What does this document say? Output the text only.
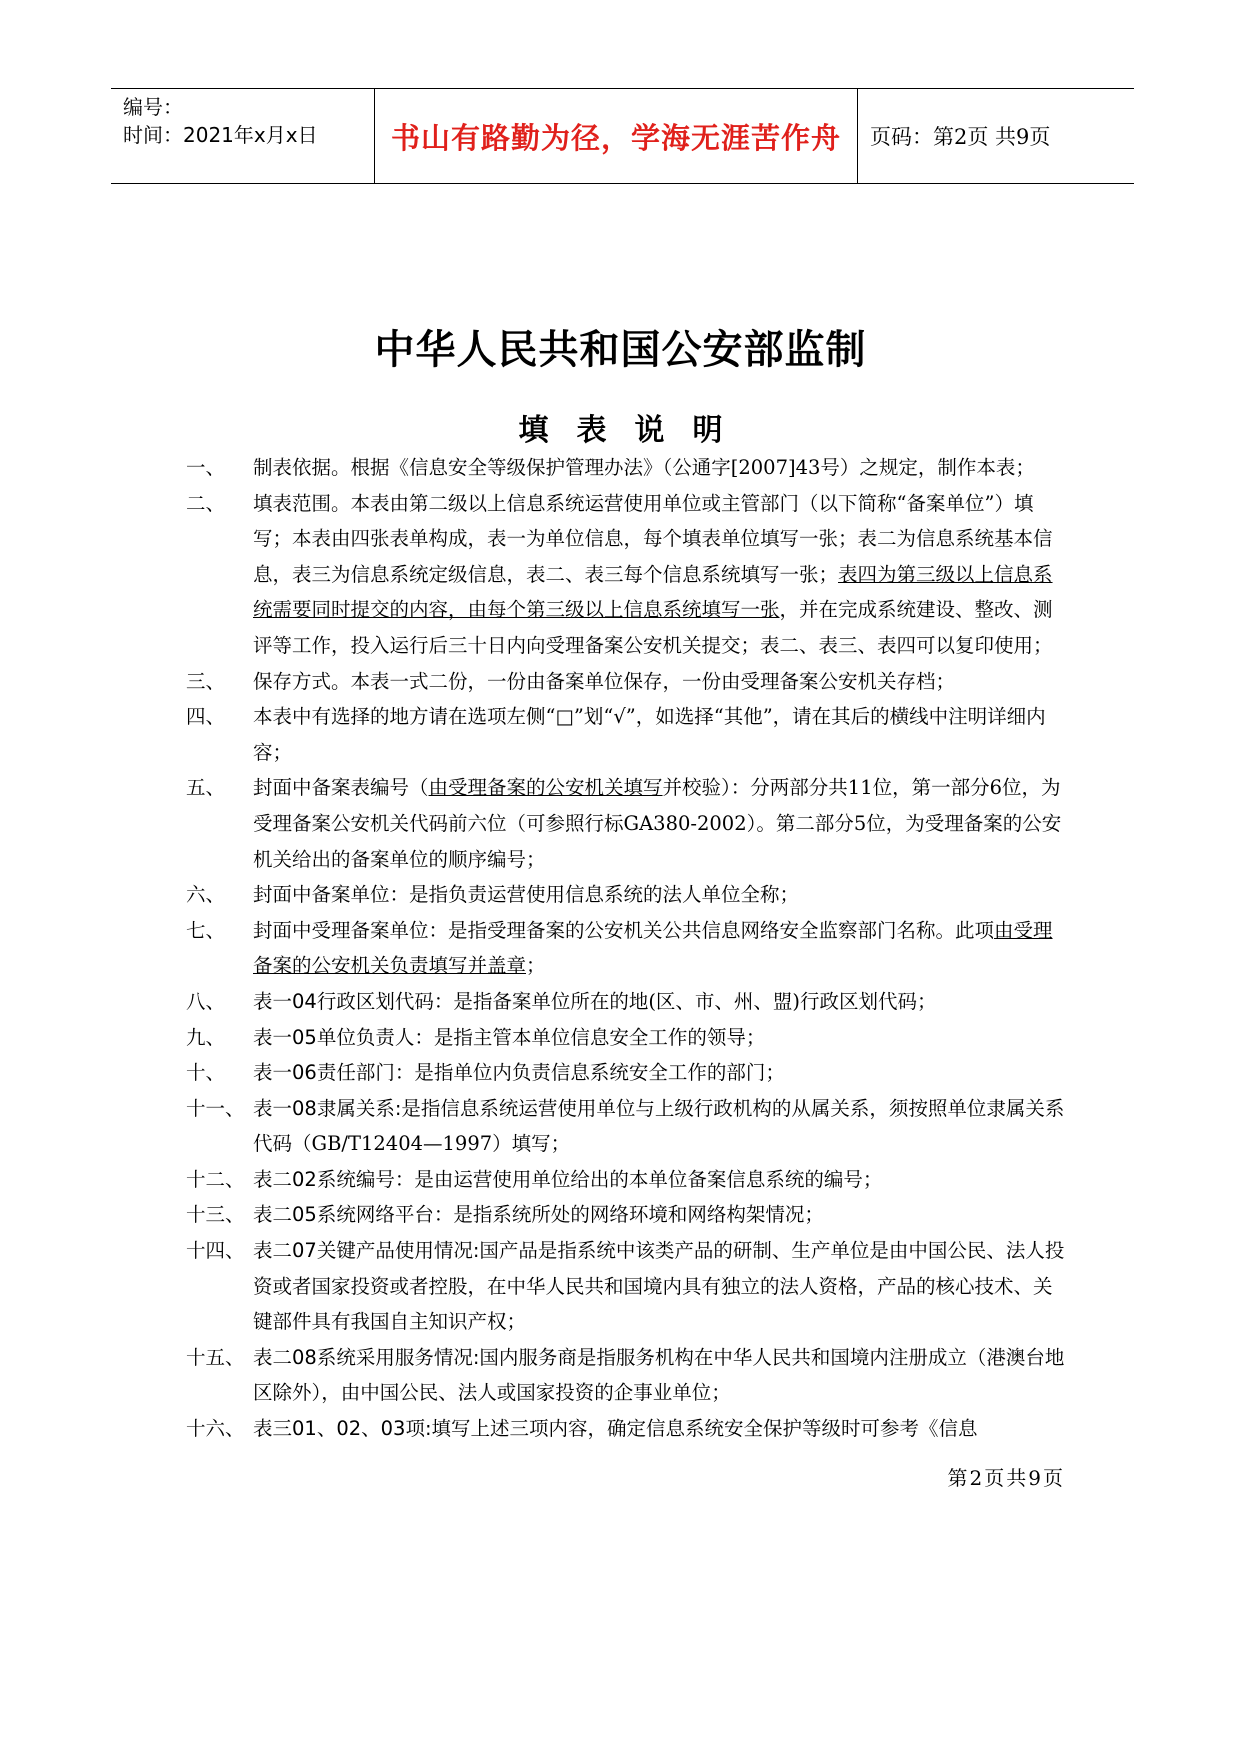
编号：
时间：2021年x月x日	书山有路勤为径，学海无涯苦作舟	页码：第2页 共9页
中华人民共和国公安部监制
填表说明
一、 制表依据。根据《信息安全等级保护管理办法》（公通字[2007]43号）之规定，制作本表；
二、 填表范围。本表由第二级以上信息系统运营使用单位或主管部门（以下简称“备案单位”）填写；本表由四张表单构成，表一为单位信息，每个填表单位填写一张；表二为信息系统基本信息，表三为信息系统定级信息，表二、表三每个信息系统填写一张；表四为第三级以上信息系统需要同时提交的内容，由每个第三级以上信息系统填写一张，并在完成系统建设、整改、测评等工作，投入运行后三十日内向受理备案公安机关提交；表二、表三、表四可以复印使用；
三、 保存方式。本表一式二份，一份由备案单位保存，一份由受理备案公安机关存档；
四、 本表中有选择的地方请在选项左侧“□”划“√”，如选择“其他”，请在其后的横线中注明详细内容；
五、 封面中备案表编号（由受理备案的公安机关填写并校验）：分两部分共11位，第一部分6位，为受理备案公安机关代码前六位（可参照行标GA380-2002）。第二部分5位，为受理备案的公安机关给出的备案单位的顺序编号；
六、 封面中备案单位：是指负责运营使用信息系统的法人单位全称；
七、 封面中受理备案单位：是指受理备案的公安机关公共信息网络安全监察部门名称。此项由受理备案的公安机关负责填写并盖章；
八、 表一04行政区划代码：是指备案单位所在的地(区、市、州、盟)行政区划代码；
九、 表一05单位负责人：是指主管本单位信息安全工作的领导；
十、 表一06责任部门：是指单位内负责信息系统安全工作的部门；
十一、 表一08隶属关系:是指信息系统运营使用单位与上级行政机构的从属关系，须按照单位隶属关系代码（GB/T12404—1997）填写；
十二、 表二02系统编号：是由运营使用单位给出的本单位备案信息系统的编号；
十三、 表二05系统网络平台：是指系统所处的网络环境和网络构架情况；
十四、 表二07关键产品使用情况:国产品是指系统中该类产品的研制、生产单位是由中国公民、法人投资或者国家投资或者控股，在中华人民共和国境内具有独立的法人资格，产品的核心技术、关键部件具有我国自主知识产权；
十五、 表二08系统采用服务情况:国内服务商是指服务机构在中华人民共和国境内注册成立（港澳台地区除外），由中国公民、法人或国家投资的企事业单位；
十六、 表三01、02、03项:填写上述三项内容，确定信息系统安全保护等级时可参考《信息
第2页共9页
